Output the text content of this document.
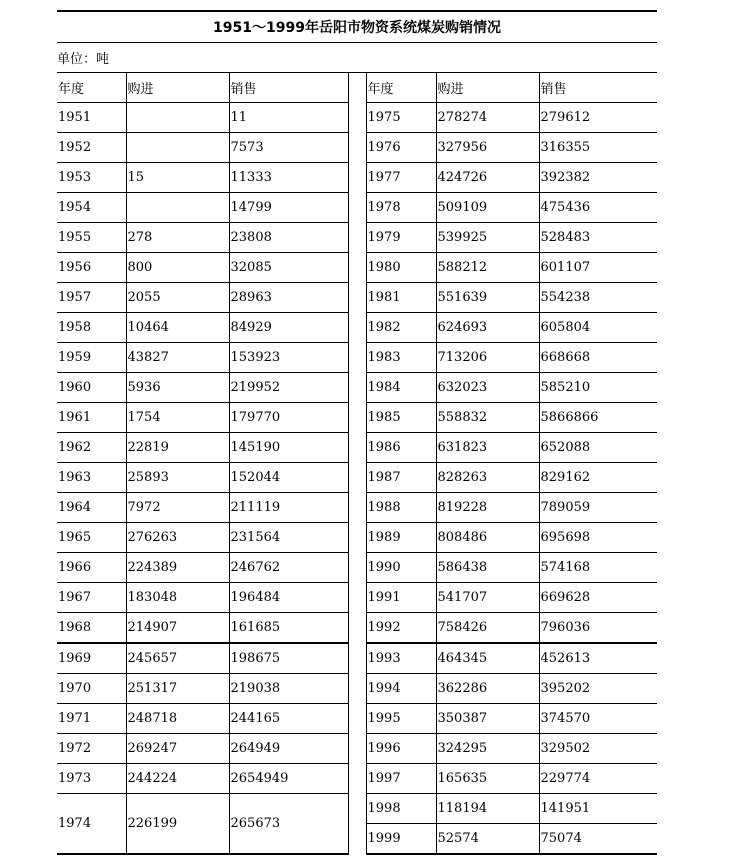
1951～1999年岳阳市物资系统煤炭购销情况
单位：吨
年度	购进	销售		年度	购进	销售
1951		11		1975	278274	279612
1952		7573		1976	327956	316355
1953	15	11333		1977	424726	392382
1954		14799		1978	509109	475436
1955	278	23808		1979	539925	528483
1956	800	32085		1980	588212	601107
1957	2055	28963		1981	551639	554238
1958	10464	84929		1982	624693	605804
1959	43827	153923		1983	713206	668668
1960	5936	219952		1984	632023	585210
1961	1754	179770		1985	558832	5866866
1962	22819	145190		1986	631823	652088
1963	25893	152044		1987	828263	829162
1964	7972	211119		1988	819228	789059
1965	276263	231564		1989	808486	695698
1966	224389	246762		1990	586438	574168
1967	183048	196484		1991	541707	669628
1968	214907	161685		1992	758426	796036
1969	245657	198675		1993	464345	452613
1970	251317	219038		1994	362286	395202
1971	248718	244165		1995	350387	374570
1972	269247	264949		1996	324295	329502
1973	244224	2654949		1997	165635	229774
1974	226199	265673		1998	118194	141951
				1999	52574	75074
